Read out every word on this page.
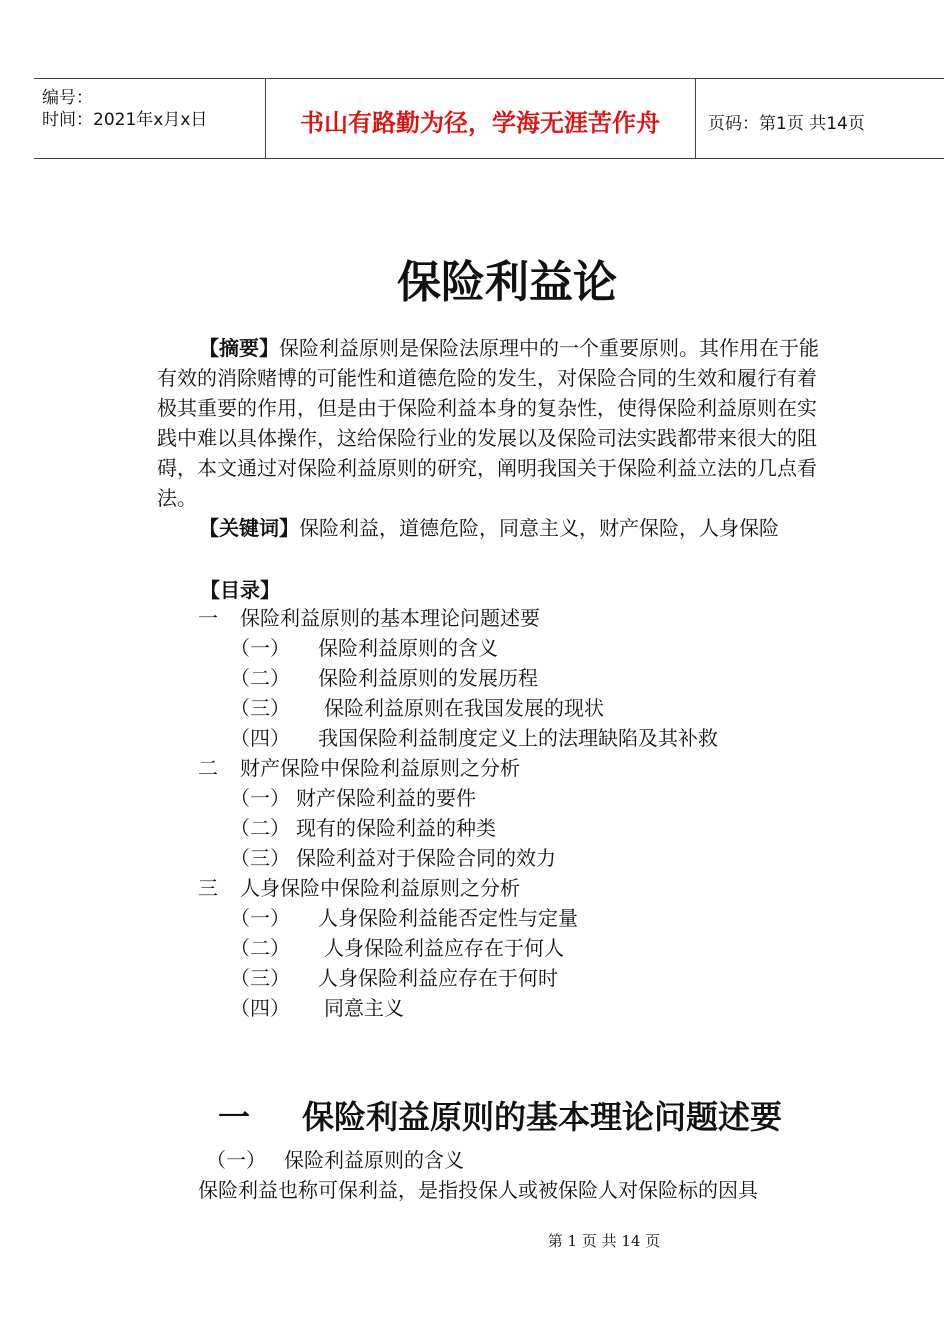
编号：
时间：2021年x月x日	书山有路勤为径，学海无涯苦作舟	页码：第1页 共14页
保险利益论
【摘要】保险利益原则是保险法原理中的一个重要原则。其作用在于能有效的消除赌博的可能性和道德危险的发生，对保险合同的生效和履行有着极其重要的作用，但是由于保险利益本身的复杂性，使得保险利益原则在实践中难以具体操作，这给保险行业的发展以及保险司法实践都带来很大的阻碍，本文通过对保险利益原则的研究，阐明我国关于保险利益立法的几点看法。
【关键词】保险利益，道德危险，同意主义，财产保险，人身保险
【目录】
一 保险利益原则的基本理论问题述要
（一） 保险利益原则的含义
（二） 保险利益原则的发展历程
（三） 保险利益原则在我国发展的现状
（四） 我国保险利益制度定义上的法理缺陷及其补救
二 财产保险中保险利益原则之分析
（一） 财产保险利益的要件
（二） 现有的保险利益的种类
（三） 保险利益对于保险合同的效力
三 人身保险中保险利益原则之分析
（一） 人身保险利益能否定性与定量
（二） 人身保险利益应存在于何人
（三） 人身保险利益应存在于何时
（四） 同意主义
一 保险利益原则的基本理论问题述要
（一） 保险利益原则的含义
保险利益也称可保利益，是指投保人或被保险人对保险标的因具
第 1 页 共 14 页
